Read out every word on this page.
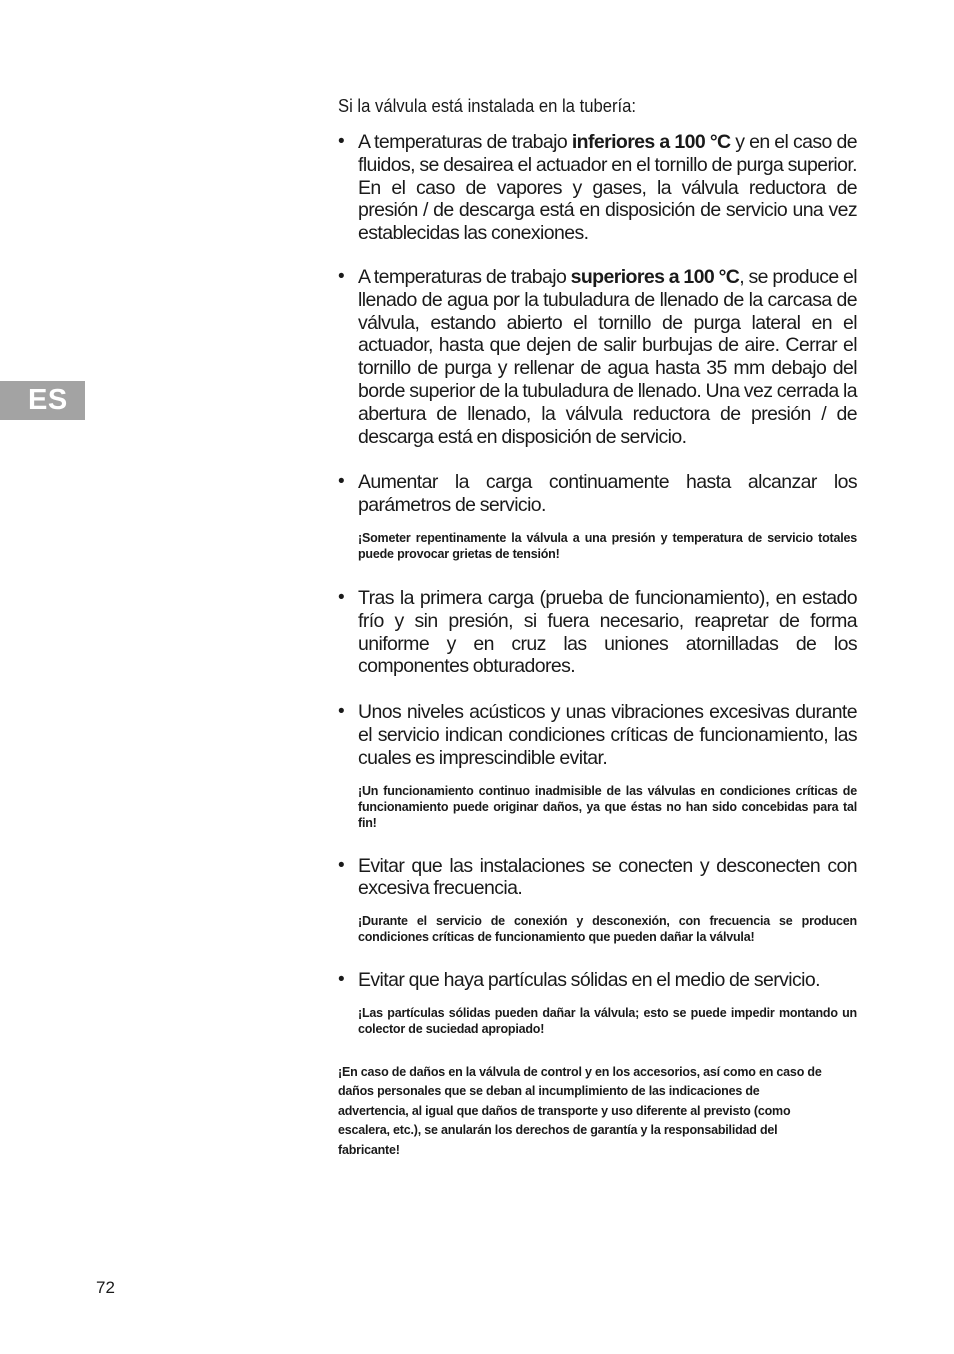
ES

Si la válvula está instalada en la tubería:

• A temperaturas de trabajo inferiores a 100 °C y en el caso de fluidos, se desairea el actuador en el tornillo de purga superior. En el caso de vapores y gases, la válvula reductora de presión / de descarga está en disposición de servicio una vez establecidas las conexiones.
• A temperaturas de trabajo superiores a 100 °C, se produce el llenado de agua por la tubuladura de llenado de la carcasa de válvula, estando abierto el tornillo de purga lateral en el actuador, hasta que dejen de salir burbujas de aire. Cerrar el tornillo de purga y rellenar de agua hasta 35 mm debajo del borde superior de la tubuladura de llenado. Una vez cerrada la abertura de llenado, la válvula reductora de presión / de descarga está en disposición de servicio.
• Aumentar la carga continuamente hasta alcanzar los parámetros de servicio.

¡Someter repentinamente la válvula a una presión y temperatura de servicio totales puede provocar grietas de tensión!

• Tras la primera carga (prueba de funcionamiento), en estado frío y sin presión, si fuera necesario, reapretar de forma uniforme y en cruz las uniones atornilladas de los componentes obturadores.
• Unos niveles acústicos y unas vibraciones excesivas durante el servicio indican condiciones críticas de funcionamiento, las cuales es imprescindible evitar.

¡Un funcionamiento continuo inadmisible de las válvulas en condiciones críticas de funcionamiento puede originar daños, ya que éstas no han sido concebidas para tal fin!

• Evitar que las instalaciones se conecten y desconecten con excesiva frecuencia.

¡Durante el servicio de conexión y desconexión, con frecuencia se producen condiciones críticas de funcionamiento que pueden dañar la válvula!

• Evitar que haya partículas sólidas en el medio de servicio.

¡Las partículas sólidas pueden dañar la válvula; esto se puede impedir montando un colector de suciedad apropiado!

¡En caso de daños en la válvula de control y en los accesorios, así como en caso de daños personales que se deban al incumplimiento de las indicaciones de advertencia, al igual que daños de transporte y uso diferente al previsto (como escalera, etc.), se anularán los derechos de garantía y la responsabilidad del fabricante!

72
